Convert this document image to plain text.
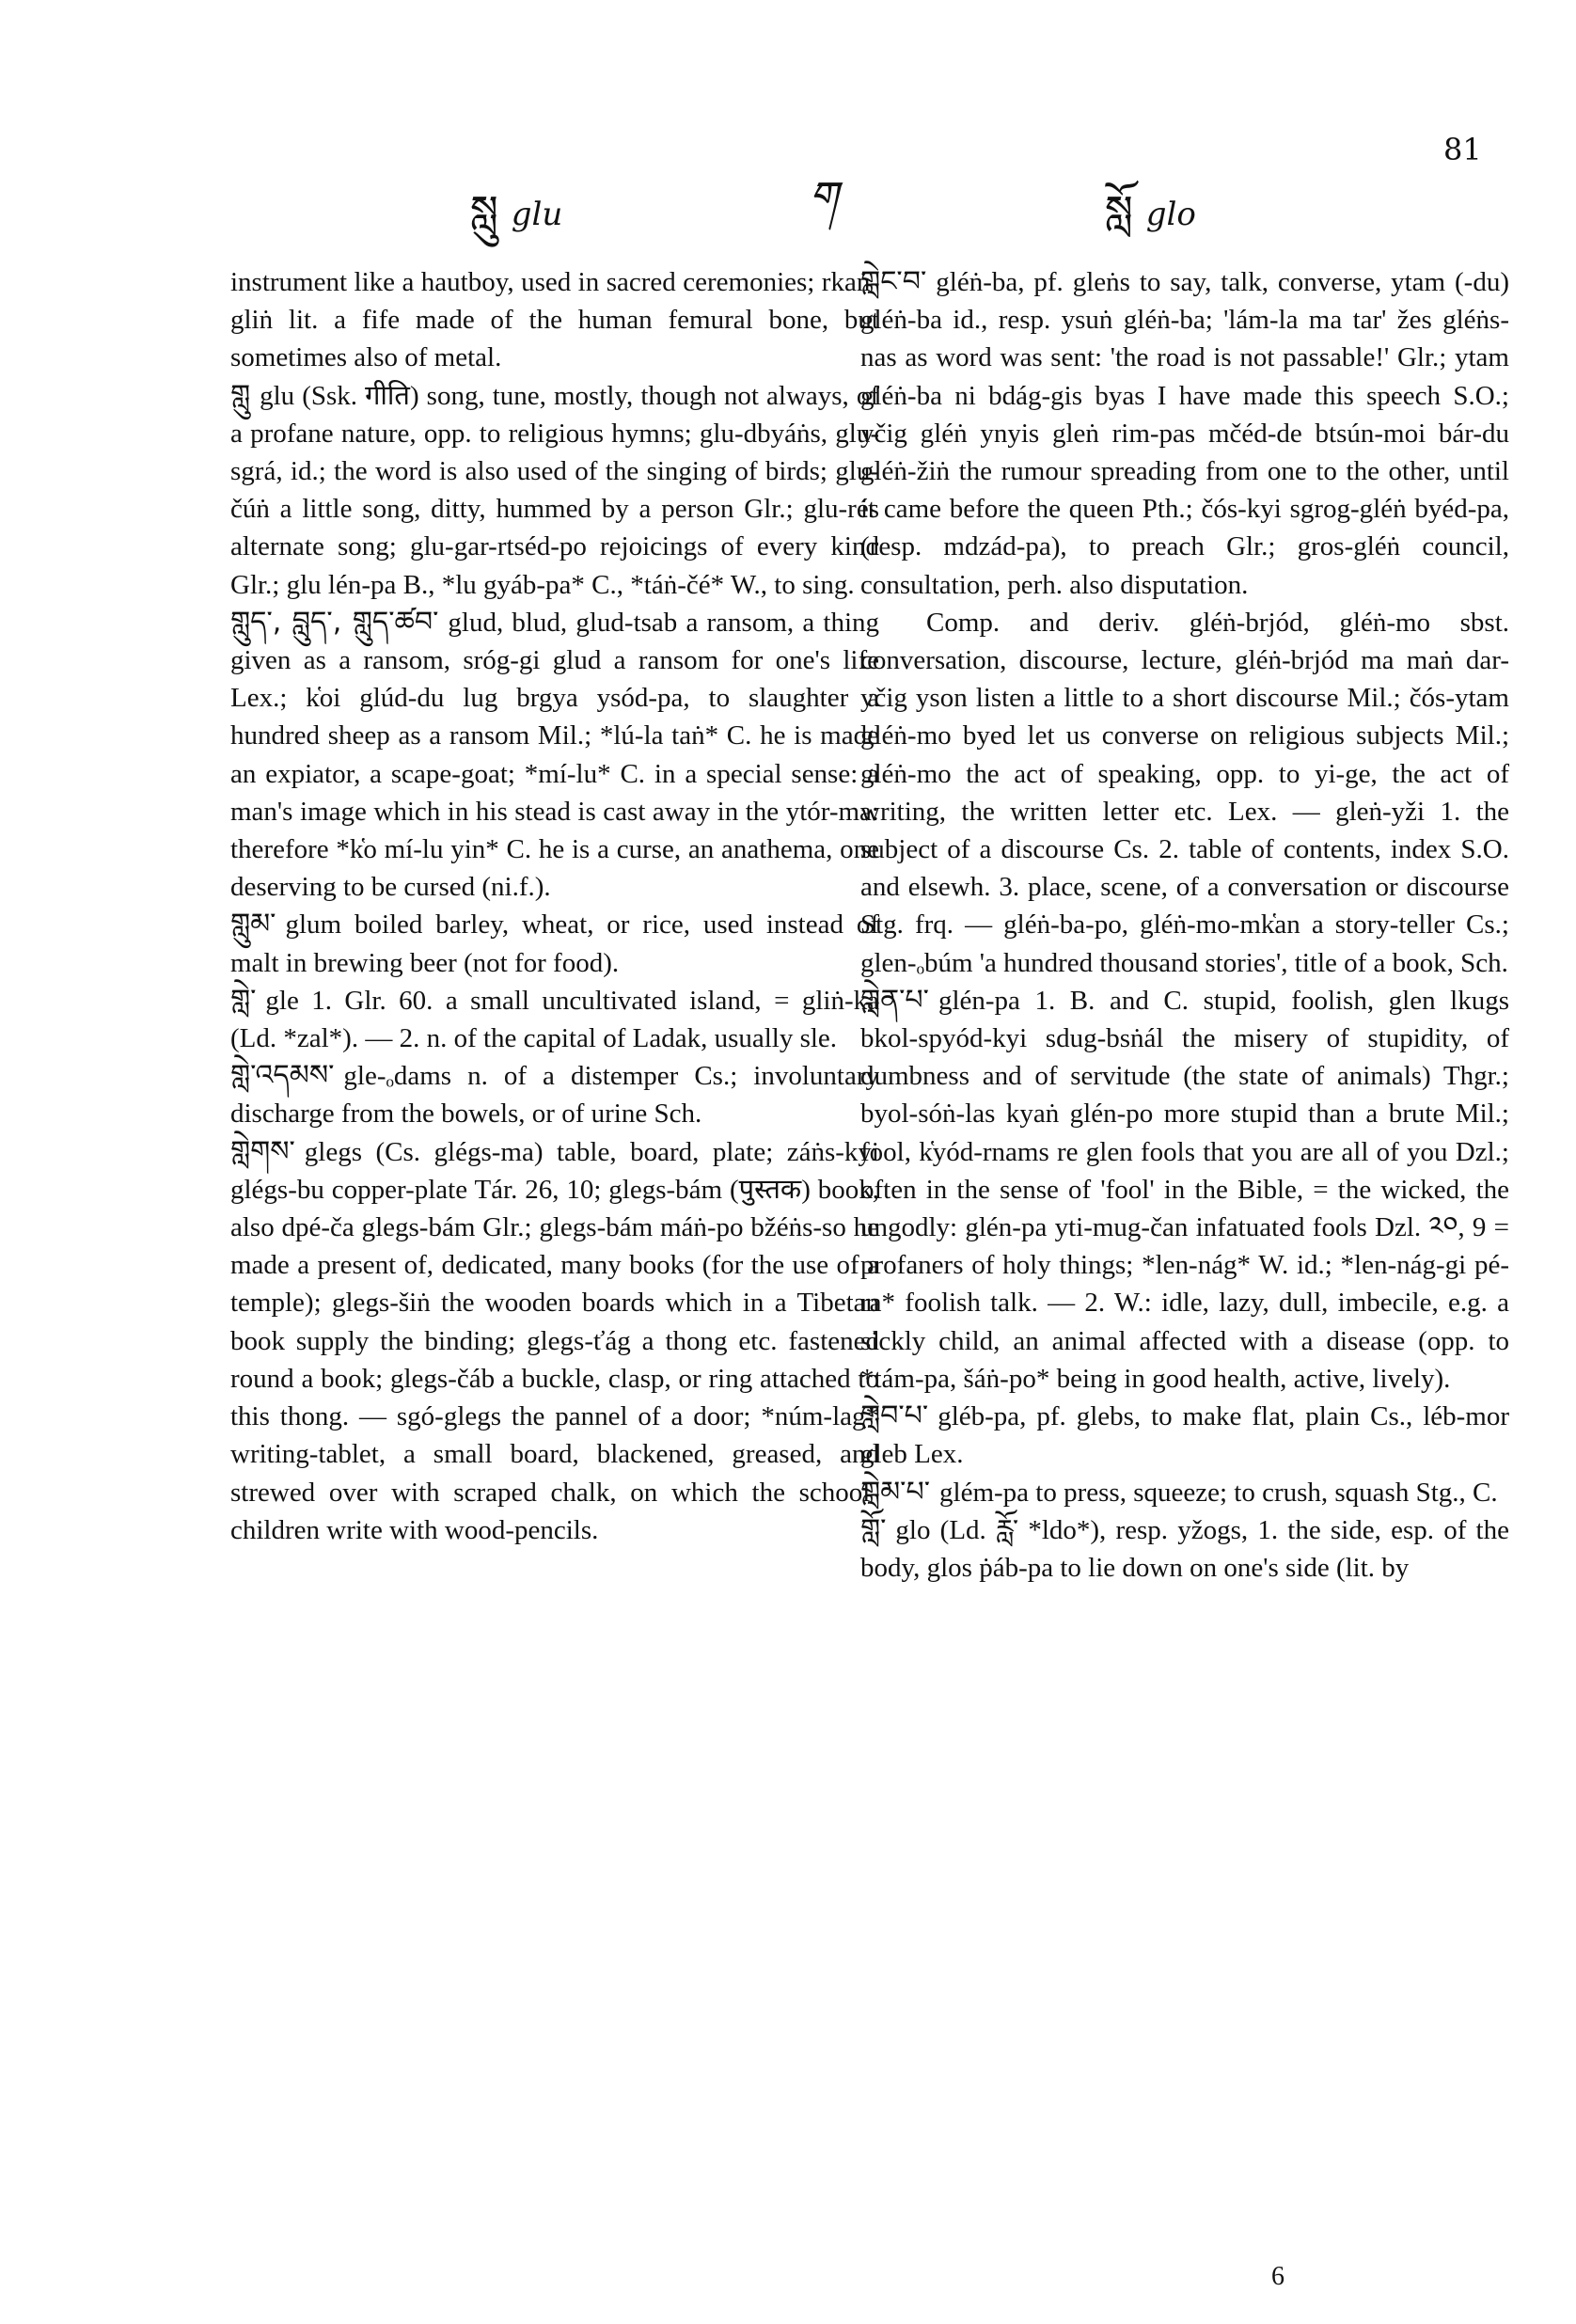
སླུ glu	ག	སློ glo
81

instrument like a hautboy, used in sacred ceremonies; rkaṅ-gliṅ lit. a fife made of the human femural bone, but sometimes also of metal.

གླུ glu (Ssk. गीति) song, tune, mostly, though not always, of a profane nature, opp. to religious hymns; glu-dbyáṅs, glu-sgrá, id.; the word is also used of the singing of birds; glu-čúṅ a little song, ditty, hummed by a person Glr.; glu-rés alternate song; glu-gar-rtséd-po rejoicings of every kind Glr.; glu lén-pa B., *lu gyáb-pa* C., *táṅ-čé* W., to sing.

གླུད་, བླུད་, གླུད་ཚབ་ glud, blud, glud-tsab a ransom, a thing given as a ransom, sróg-gi glud a ransom for one's life Lex.; k̔oi glúd-du lug brgya ysód-pa, to slaughter a hundred sheep as a ransom Mil.; *lú-la taṅ* C. he is made an expiator, a scape-goat; *mí-lu* C. in a special sense: a man's image which in his stead is cast away in the ytór-ma: therefore *k̔o mí-lu yin* C. he is a curse, an anathema, one deserving to be cursed (ni.f.).

གླུམ་ glum boiled barley, wheat, or rice, used instead of malt in brewing beer (not for food).

གླེ་ gle 1. Glr. 60. a small uncultivated island, = gliṅ-ka (Ld. *zal*). — 2. n. of the capital of Ladak, usually sle.

གླེ་འདམས་ gle-ₒdams n. of a distemper Cs.; involuntary discharge from the bowels, or of urine Sch.

གླེགས་ glegs (Cs. glégs-ma) table, board, plate; záṅs-kyi glégs-bu copper-plate Tár. 26, 10; glegs-bám (पुस्तक) book, also dpé-ča glegs-bám Glr.; glegs-bám máṅ-po bžéṅs-so he made a present of, dedicated, many books (for the use of a temple); glegs-šiṅ the wooden boards which in a Tibetan book supply the binding; glegs-ťág a thong etc. fastened round a book; glegs-čáb a buckle, clasp, or ring attached to this thong. — sgó-glegs the pannel of a door; *núm-lag* writing-tablet, a small board, blackened, greased, and strewed over with scraped chalk, on which the school-children write with wood-pencils.

གླེང་བ་ gléṅ-ba, pf. gleṅs to say, talk, converse, ytam (-du) gléṅ-ba id., resp. ysuṅ gléṅ-ba; 'lám-la ma tar' žes gléṅs-nas as word was sent: 'the road is not passable!' Glr.; ytam gléṅ-ba ni bdág-gis byas I have made this speech S.O.; yčig gléṅ ynyis gleṅ rim-pas mčéd-de btsún-moi bár-du gléṅ-žiṅ the rumour spreading from one to the other, until it came before the queen Pth.; čós-kyi sgrog-gléṅ byéd-pa, (resp. mdzád-pa), to preach Glr.; gros-gléṅ council, consultation, perh. also disputation.

Comp. and deriv. gléṅ-brjód, gléṅ-mo sbst. conversation, discourse, lecture, gléṅ-brjód ma maṅ dar-yčig yson listen a little to a short discourse Mil.; čós-ytam gléṅ-mo byed let us converse on religious subjects Mil.; gléṅ-mo the act of speaking, opp. to yi-ge, the act of writing, the written letter etc. Lex. — gleṅ-yži 1. the subject of a discourse Cs. 2. table of contents, index S.O. and elsewh. 3. place, scene, of a conversation or discourse Stg. frq. — gléṅ-ba-po, gléṅ-mo-mk̔an a story-teller Cs.; glen-ₒbúm 'a hundred thousand stories', title of a book, Sch.

གླེན་པ་ glén-pa 1. B. and C. stupid, foolish, glen lkugs bkol-spyód-kyi sdug-bsṅál the misery of stupidity, of dumbness and of servitude (the state of animals) Thgr.; byol-sóṅ-las kyaṅ glén-po more stupid than a brute Mil.; fool, k̔yód-rnams re glen fools that you are all of you Dzl.; often in the sense of 'fool' in the Bible, = the wicked, the ungodly: glén-pa yti-mug-čan infatuated fools Dzl. ༢༠, 9 = profaners of holy things; *len-nág* W. id.; *len-nág-gi pé-ra* foolish talk. — 2. W.: idle, lazy, dull, imbecile, e.g. a sickly child, an animal affected with a disease (opp. to *tám-pa, šáṅ-po* being in good health, active, lively).

གླེབ་པ་ gléb-pa, pf. glebs, to make flat, plain Cs., léb-mor gleb Lex.

གླེམ་པ་ glém-pa to press, squeeze; to crush, squash Stg., C.

གློ་ glo (Ld. རློ་ *ldo*), resp. yžogs, 1. the side, esp. of the body, glos ṗáb-pa to lie down on one's side (lit. by

6
